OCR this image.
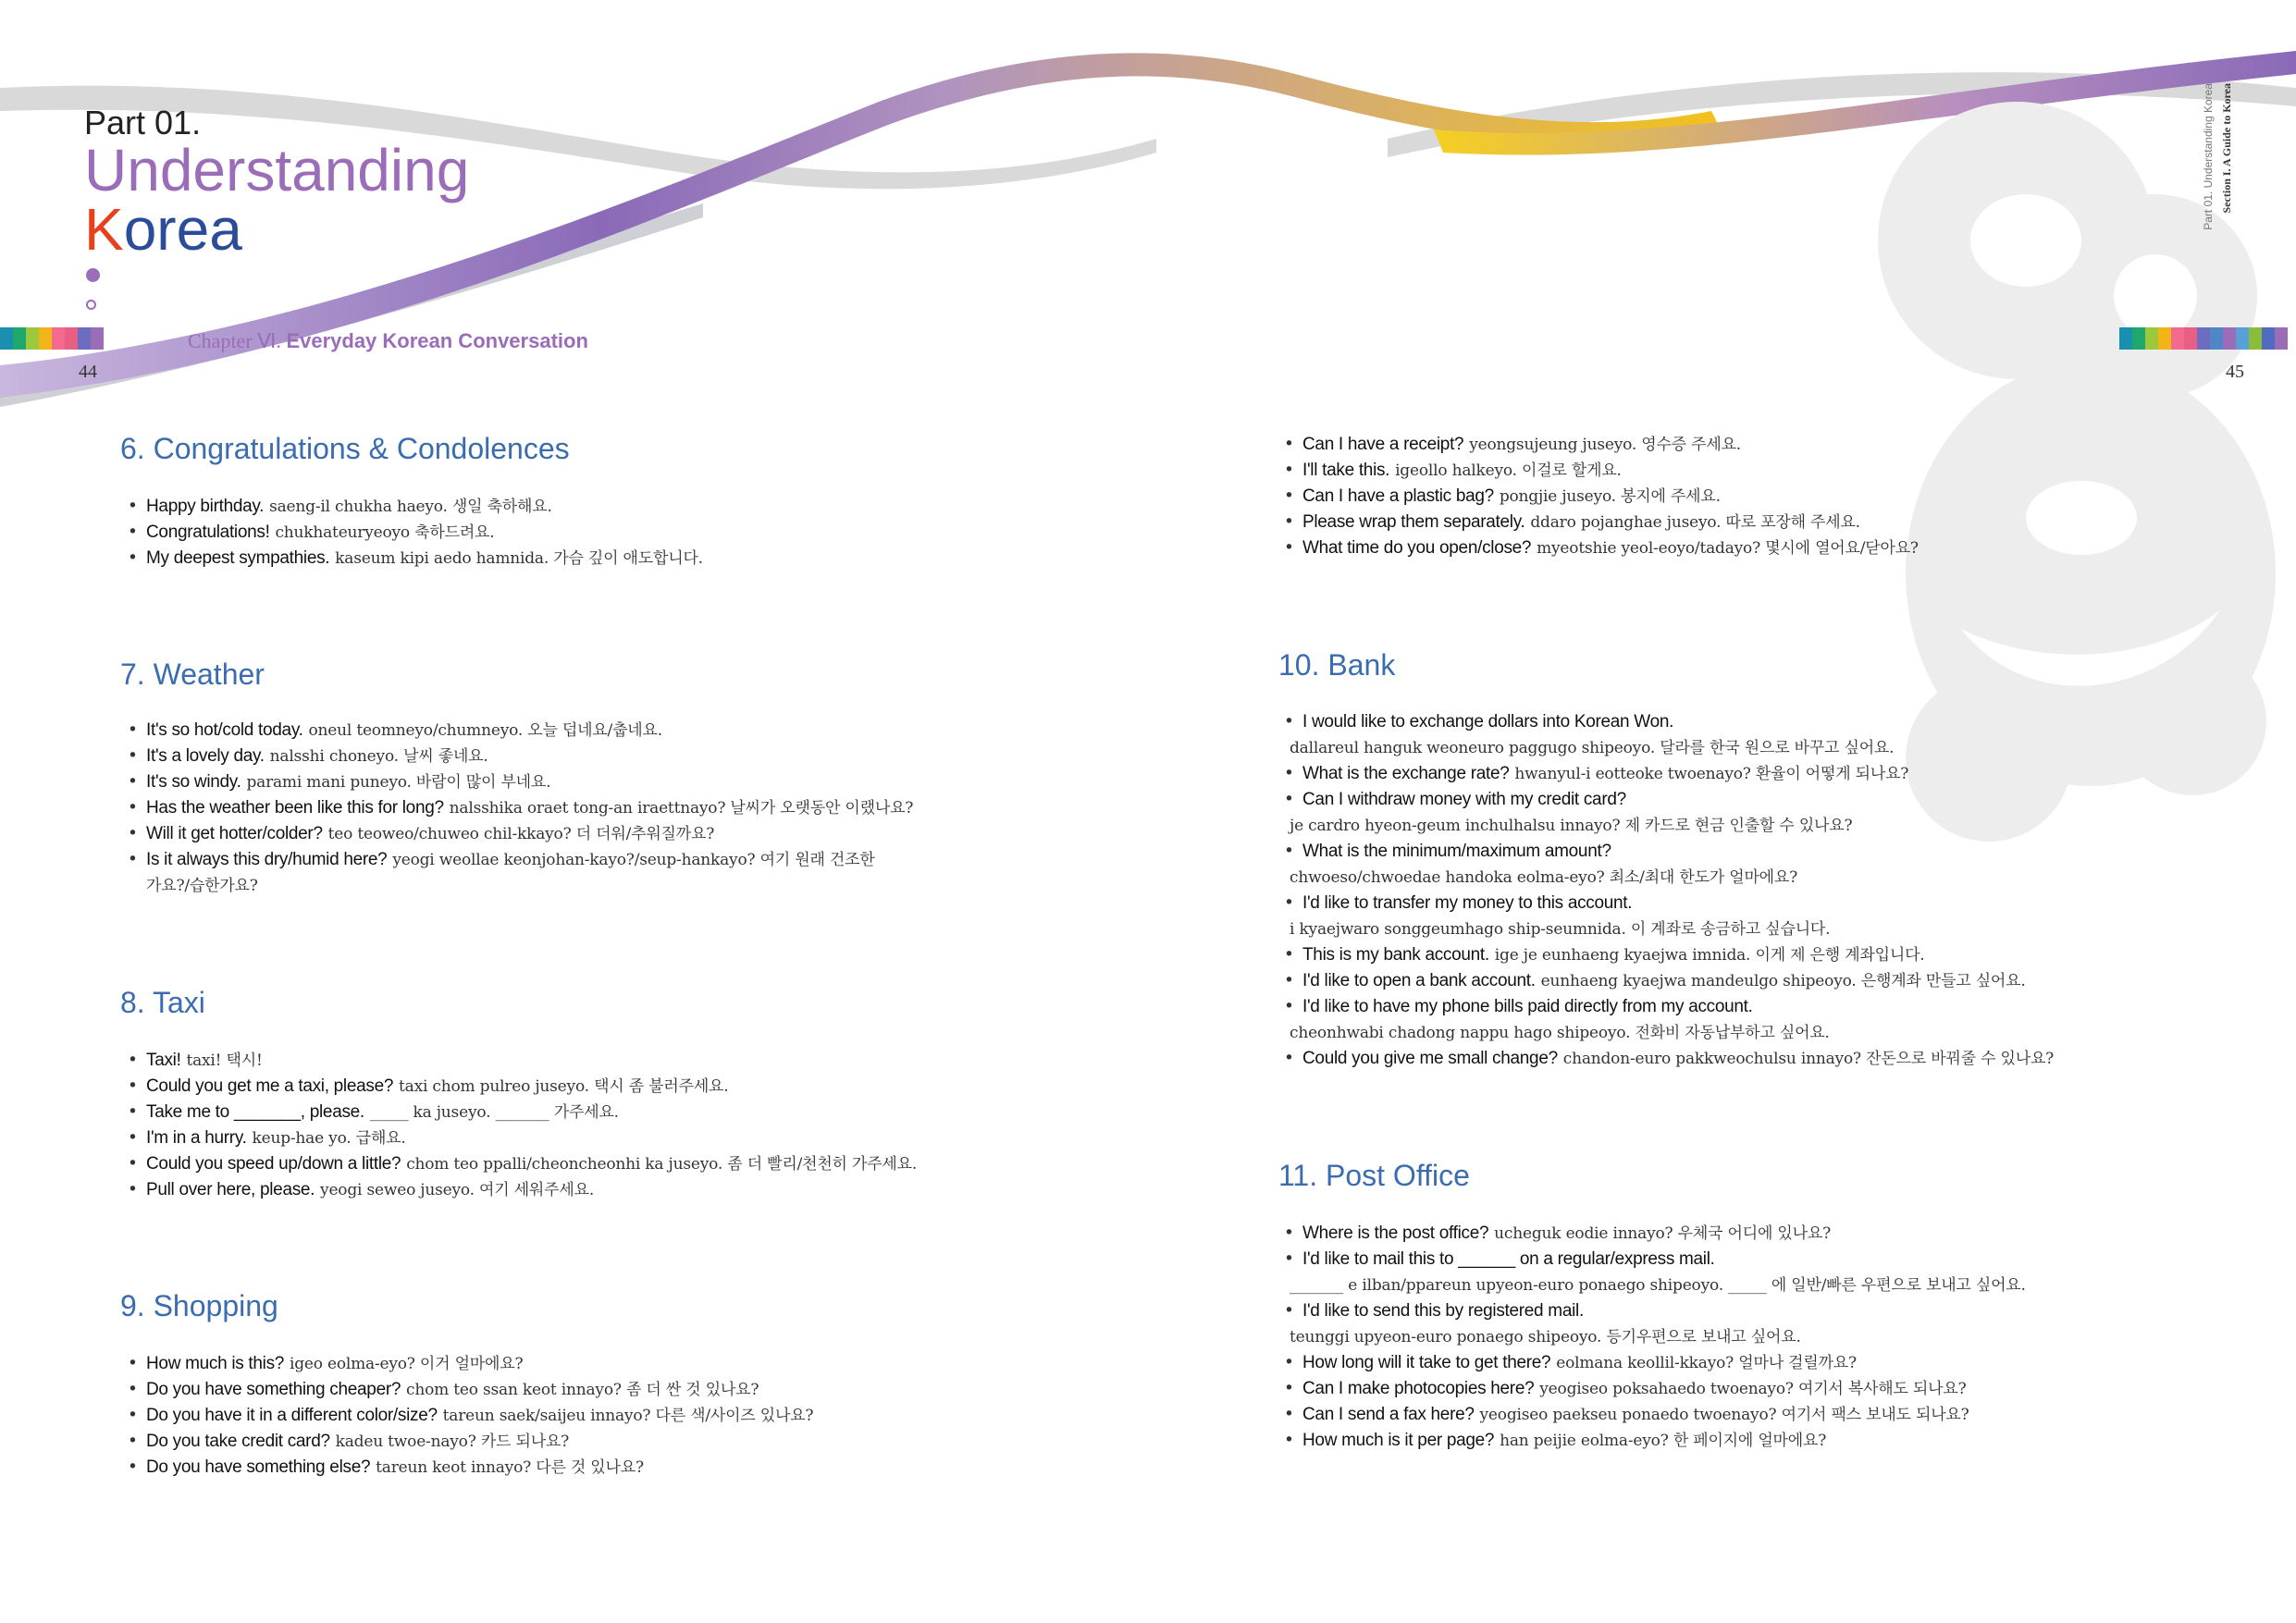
Part 01.
Understanding
Korea
Chapter Ⅵ. Everyday Korean Conversation
44	45
Section I. A Guide to Korea
Part 01. Understanding Korea
6. Congratulations & Condolences
• Happy birthday. saeng-il chukha haeyo. 생일 축하해요.
• Congratulations! chukhateuryeoyo 축하드려요.
• My deepest sympathies. kaseum kipi aedo hamnida. 가슴 깊이 애도합니다.
7. Weather
• It's so hot/cold today. oneul teomneyo/chumneyo. 오늘 덥네요/춥네요.
• It's a lovely day. nalsshi choneyo. 날씨 좋네요.
• It's so windy. parami mani puneyo. 바람이 많이 부네요.
• Has the weather been like this for long? nalsshika oraet tong-an iraettnayo? 날씨가 오랫동안 이랬나요?
• Will it get hotter/colder? teo teoweo/chuweo chil-kkayo? 더 더워/추워질까요?
• Is it always this dry/humid here? yeogi weollae keonjohan-kayo?/seup-hankayo? 여기 원래 건조한
가요?/습한가요?
8. Taxi
• Taxi! taxi! 택시!
• Could you get me a taxi, please? taxi chom pulreo juseyo. 택시 좀 불러주세요.
• Take me to _______, please. _____ ka juseyo. _______ 가주세요.
• I'm in a hurry. keup-hae yo. 급해요.
• Could you speed up/down a little? chom teo ppalli/cheoncheonhi ka juseyo. 좀 더 빨리/천천히 가주세요.
• Pull over here, please. yeogi seweo juseyo. 여기 세워주세요.
9. Shopping
• How much is this? igeo eolma-eyo? 이거 얼마에요?
• Do you have something cheaper? chom teo ssan keot innayo? 좀 더 싼 것 있나요?
• Do you have it in a different color/size? tareun saek/saijeu innayo? 다른 색/사이즈 있나요?
• Do you take credit card? kadeu twoe-nayo? 카드 되나요?
• Do you have something else? tareun keot innayo? 다른 것 있나요?
• Can I have a receipt? yeongsujeung juseyo. 영수증 주세요.
• I'll take this. igeollo halkeyo. 이걸로 할게요.
• Can I have a plastic bag? pongjie juseyo. 봉지에 주세요.
• Please wrap them separately. ddaro pojanghae juseyo. 따로 포장해 주세요.
• What time do you open/close? myeotshie yeol-eoyo/tadayo? 몇시에 열어요/닫아요?
10. Bank
• I would like to exchange dollars into Korean Won.
dallareul hanguk weoneuro paggugo shipeoyo. 달라를 한국 원으로 바꾸고 싶어요.
• What is the exchange rate? hwanyul-i eotteoke twoenayo? 환율이 어떻게 되나요?
• Can I withdraw money with my credit card?
je cardro hyeon-geum inchulhalsu innayo? 제 카드로 현금 인출할 수 있나요?
• What is the minimum/maximum amount?
chwoeso/chwoedae handoka eolma-eyo? 최소/최대 한도가 얼마에요?
• I'd like to transfer my money to this account.
i kyaejwaro songgeumhago ship-seumnida. 이 계좌로 송금하고 싶습니다.
• This is my bank account. ige je eunhaeng kyaejwa imnida. 이게 제 은행 계좌입니다.
• I'd like to open a bank account. eunhaeng kyaejwa mandeulgo shipeoyo. 은행계좌 만들고 싶어요.
• I'd like to have my phone bills paid directly from my account.
cheonhwabi chadong nappu hago shipeoyo. 전화비 자동납부하고 싶어요.
• Could you give me small change? chandon-euro pakkweochulsu innayo? 잔돈으로 바꿔줄 수 있나요?
11. Post Office
• Where is the post office? ucheguk eodie innayo? 우체국 어디에 있나요?
• I'd like to mail this to ______ on a regular/express mail.
_______ e ilban/ppareun upyeon-euro ponaego shipeoyo. _____ 에 일반/빠른 우편으로 보내고 싶어요.
• I'd like to send this by registered mail.
teunggi upyeon-euro ponaego shipeoyo. 등기우편으로 보내고 싶어요.
• How long will it take to get there? eolmana keollil-kkayo? 얼마나 걸릴까요?
• Can I make photocopies here? yeogiseo poksahaedo twoenayo? 여기서 복사해도 되나요?
• Can I send a fax here? yeogiseo paekseu ponaedo twoenayo? 여기서 팩스 보내도 되나요?
• How much is it per page? han peijie eolma-eyo? 한 페이지에 얼마에요?
